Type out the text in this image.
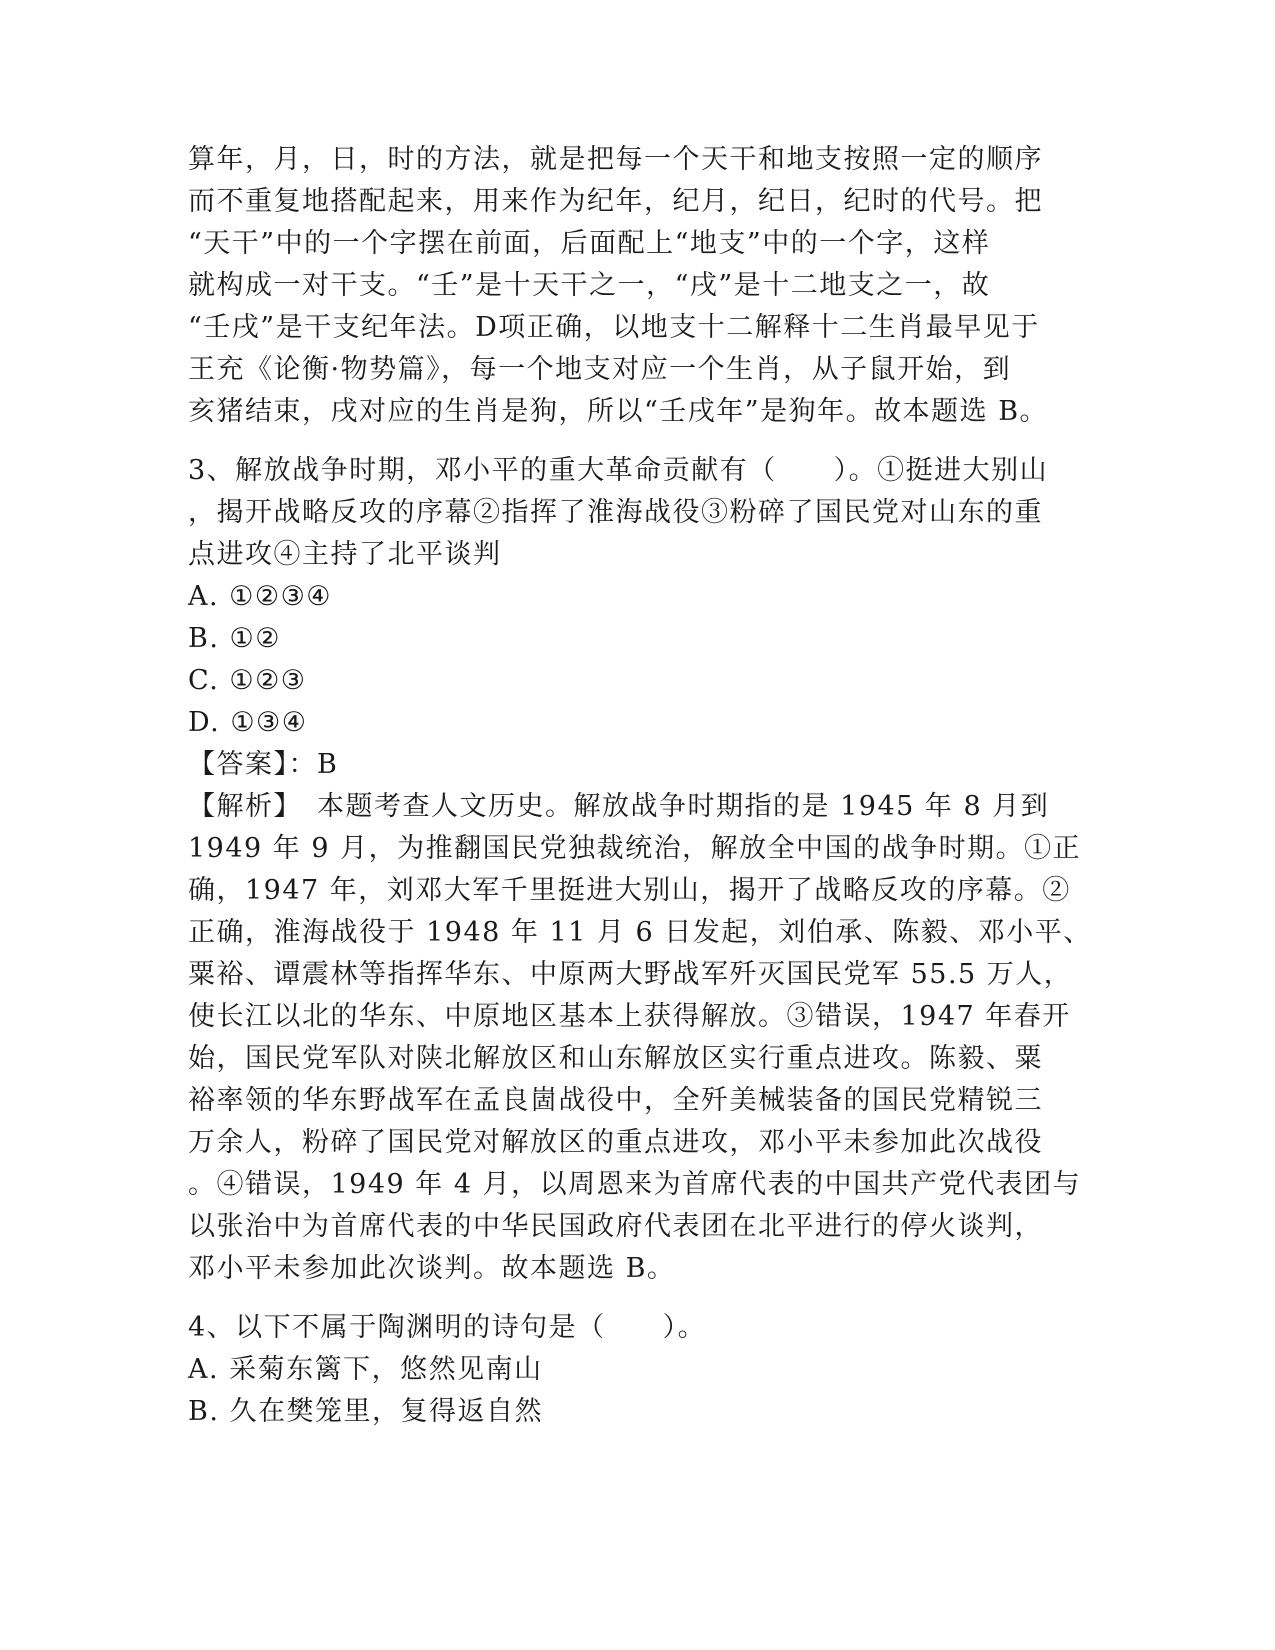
算年，月，日，时的方法，就是把每一个天干和地支按照一定的顺序
而不重复地搭配起来，用来作为纪年，纪月，纪日，纪时的代号。把
“天干”中的一个字摆在前面，后面配上“地支”中的一个字，这样
就构成一对干支。“壬”是十天干之一，“戌”是十二地支之一，故
“壬戌”是干支纪年法。D项正确，以地支十二解释十二生肖最早见于
王充《论衡·物势篇》，每一个地支对应一个生肖，从子鼠开始，到
亥猪结束，戌对应的生肖是狗，所以“壬戌年”是狗年。故本题选 B。
3、解放战争时期，邓小平的重大革命贡献有（　　）。①挺进大别山
，揭开战略反攻的序幕②指挥了淮海战役③粉碎了国民党对山东的重
点进攻④主持了北平谈判
A. ①②③④
B. ①②
C. ①②③
D. ①③④
【答案】：B
【解析】　本题考查人文历史。解放战争时期指的是 1945 年 8 月到
1949 年 9 月，为推翻国民党独裁统治，解放全中国的战争时期。①正
确，1947 年，刘邓大军千里挺进大别山，揭开了战略反攻的序幕。②
正确，淮海战役于 1948 年 11 月 6 日发起，刘伯承、陈毅、邓小平、
粟裕、谭震林等指挥华东、中原两大野战军歼灭国民党军 55.5 万人，
使长江以北的华东、中原地区基本上获得解放。③错误，1947 年春开
始，国民党军队对陕北解放区和山东解放区实行重点进攻。陈毅、粟
裕率领的华东野战军在孟良崮战役中，全歼美械装备的国民党精锐三
万余人，粉碎了国民党对解放区的重点进攻，邓小平未参加此次战役
。④错误，1949 年 4 月，以周恩来为首席代表的中国共产党代表团与
以张治中为首席代表的中华民国政府代表团在北平进行的停火谈判，
邓小平未参加此次谈判。故本题选 B。
4、以下不属于陶渊明的诗句是（　　）。
A. 采菊东篱下，悠然见南山
B. 久在樊笼里，复得返自然
